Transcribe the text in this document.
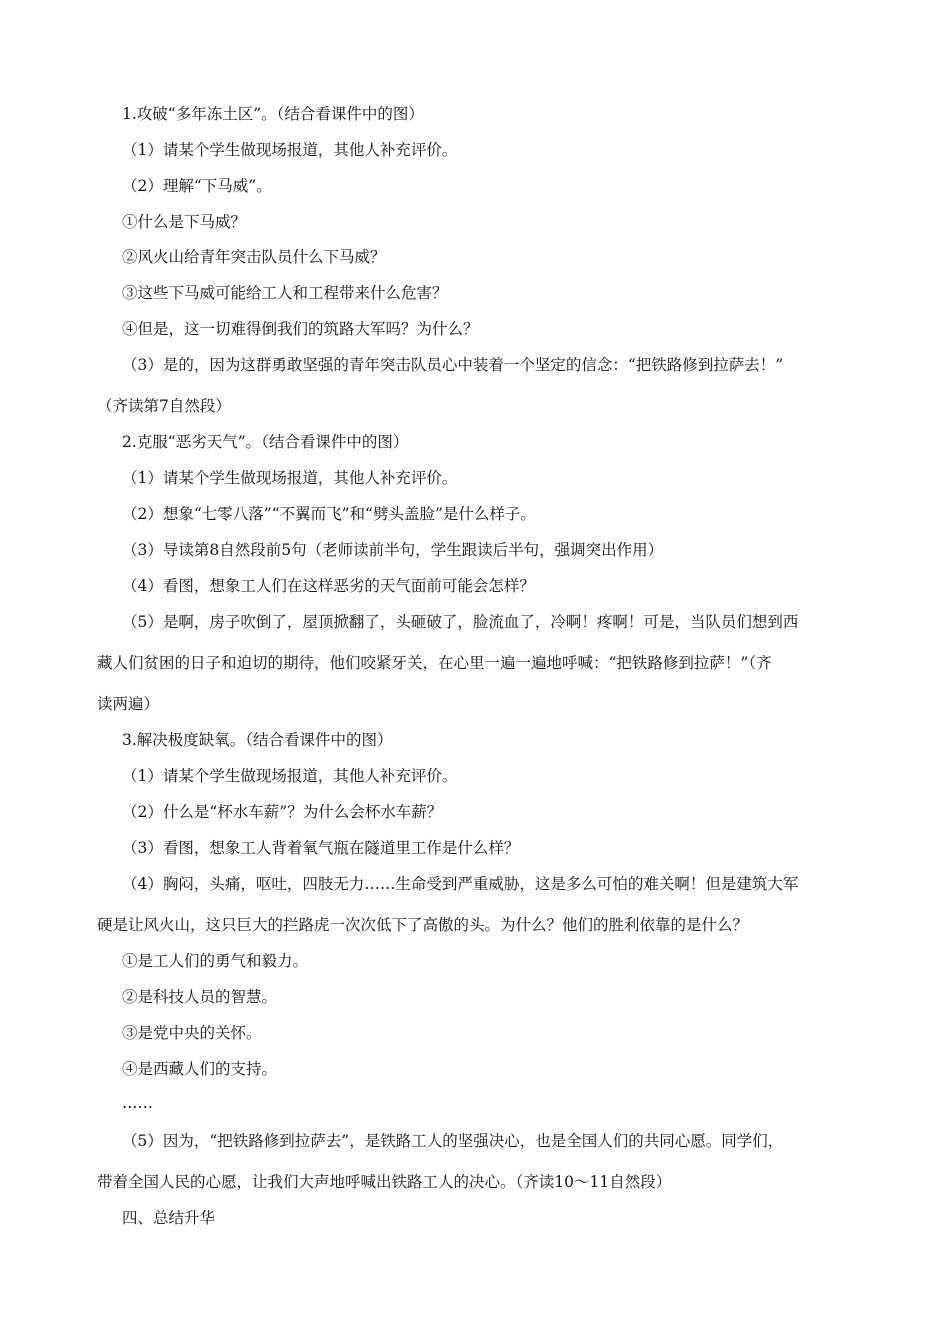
1.攻破“多年冻土区”。（结合看课件中的图）
（1）请某个学生做现场报道，其他人补充评价。
（2）理解“下马威”。
①什么是下马威？
②风火山给青年突击队员什么下马威？
③这些下马威可能给工人和工程带来什么危害？
④但是，这一切难得倒我们的筑路大军吗？为什么？
（3）是的，因为这群勇敢坚强的青年突击队员心中装着一个坚定的信念：“把铁路修到拉萨去！”
（齐读第7自然段）
2.克服“恶劣天气”。（结合看课件中的图）
（1）请某个学生做现场报道，其他人补充评价。
（2）想象“七零八落”“不翼而飞”和“劈头盖脸”是什么样子。
（3）导读第8自然段前5句（老师读前半句，学生跟读后半句，强调突出作用）
（4）看图，想象工人们在这样恶劣的天气面前可能会怎样？
（5）是啊，房子吹倒了，屋顶掀翻了，头砸破了，脸流血了，冷啊！疼啊！可是，当队员们想到西
藏人们贫困的日子和迫切的期待，他们咬紧牙关，在心里一遍一遍地呼喊：“把铁路修到拉萨！”（齐
读两遍）
3.解决极度缺氧。（结合看课件中的图）
（1）请某个学生做现场报道，其他人补充评价。
（2）什么是“杯水车薪”？为什么会杯水车薪？
（3）看图，想象工人背着氧气瓶在隧道里工作是什么样？
（4）胸闷，头痛，呕吐，四肢无力……生命受到严重威胁，这是多么可怕的难关啊！但是建筑大军
硬是让风火山，这只巨大的拦路虎一次次低下了高傲的头。为什么？他们的胜利依靠的是什么？
①是工人们的勇气和毅力。
②是科技人员的智慧。
③是党中央的关怀。
④是西藏人们的支持。
……
（5）因为，“把铁路修到拉萨去”，是铁路工人的坚强决心，也是全国人们的共同心愿。同学们，
带着全国人民的心愿，让我们大声地呼喊出铁路工人的决心。（齐读10～11自然段）
四、总结升华
